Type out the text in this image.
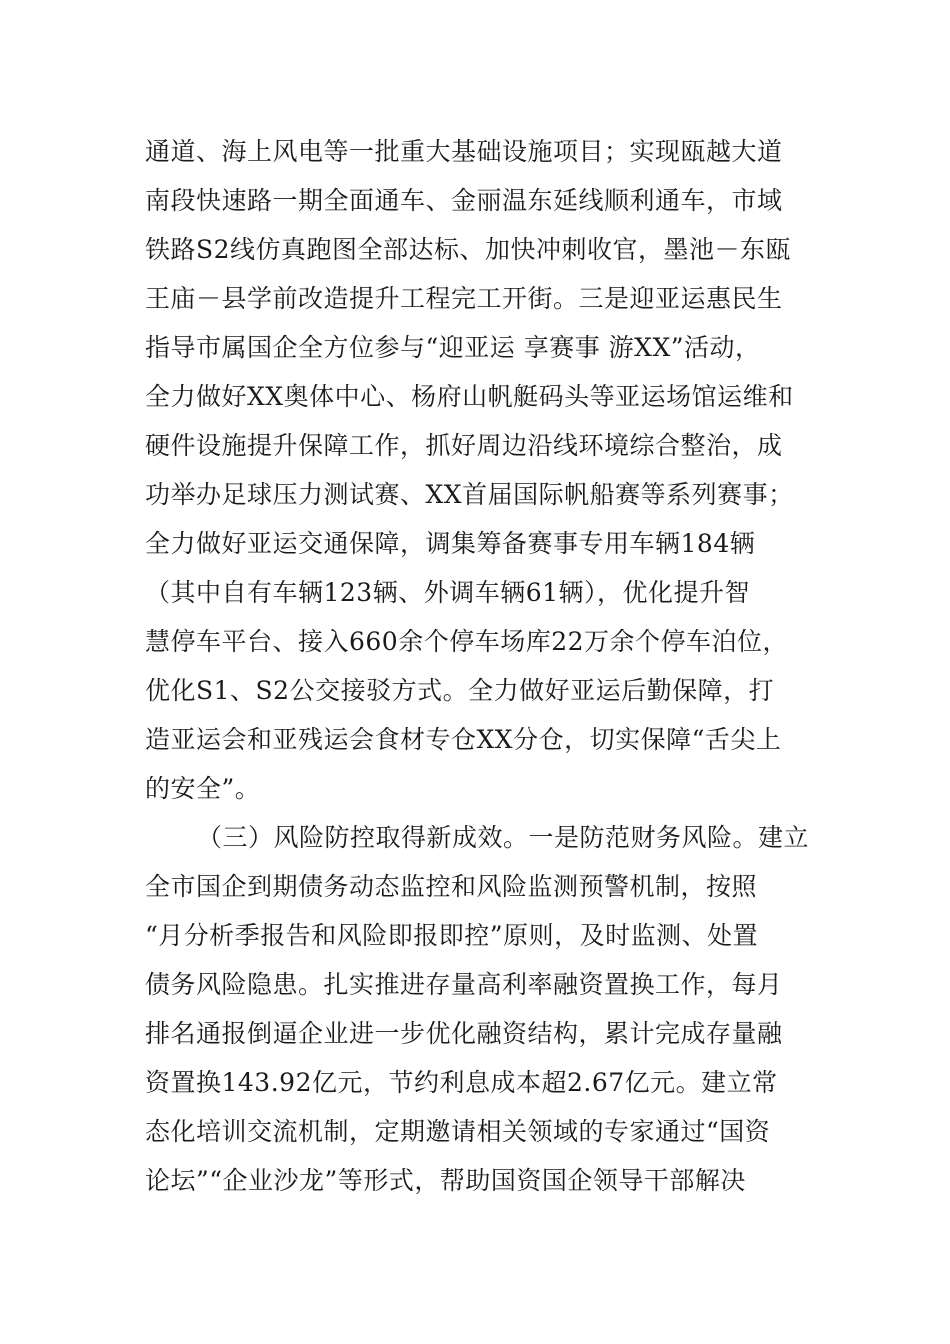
通道、海上风电等一批重大基础设施项目；实现瓯越大道
南段快速路一期全面通车、金丽温东延线顺利通车，市域
铁路S2线仿真跑图全部达标、加快冲刺收官，墨池－东瓯
王庙－县学前改造提升工程完工开街。三是迎亚运惠民生
指导市属国企全方位参与“迎亚运 享赛事 游XX”活动，
全力做好XX奥体中心、杨府山帆艇码头等亚运场馆运维和
硬件设施提升保障工作，抓好周边沿线环境综合整治，成
功举办足球压力测试赛、XX首届国际帆船赛等系列赛事；
全力做好亚运交通保障，调集筹备赛事专用车辆184辆
（其中自有车辆123辆、外调车辆61辆），优化提升智
慧停车平台、接入660余个停车场库22万余个停车泊位，
优化S1、S2公交接驳方式。全力做好亚运后勤保障，打
造亚运会和亚残运会食材专仓XX分仓，切实保障“舌尖上
的安全”。
（三）风险防控取得新成效。一是防范财务风险。建立
全市国企到期债务动态监控和风险监测预警机制，按照
“月分析季报告和风险即报即控”原则，及时监测、处置
债务风险隐患。扎实推进存量高利率融资置换工作，每月
排名通报倒逼企业进一步优化融资结构，累计完成存量融
资置换143.92亿元，节约利息成本超2.67亿元。建立常
态化培训交流机制，定期邀请相关领域的专家通过“国资
论坛”“企业沙龙”等形式，帮助国资国企领导干部解决
